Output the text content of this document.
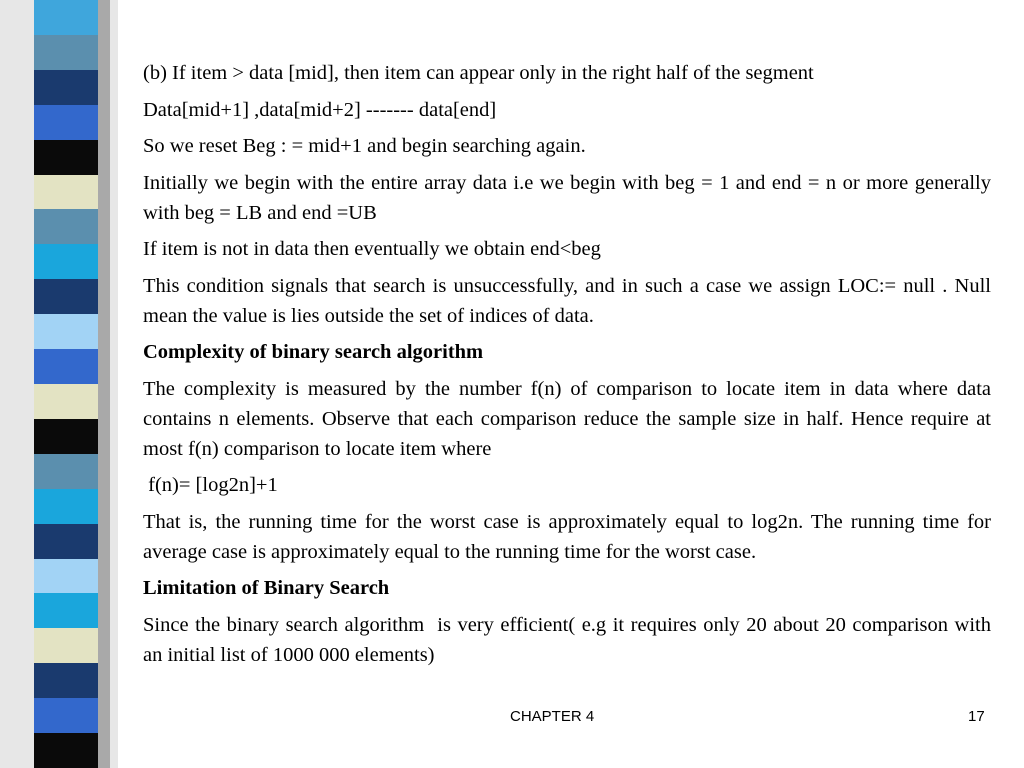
(b) If item > data [mid], then item can appear only in the right half of the segment

Data[mid+1] ,data[mid+2] ------- data[end]

So we reset Beg : = mid+1 and begin searching again.

Initially we begin with the entire array data i.e we begin with beg = 1 and end = n or more generally with beg = LB and end =UB

If item is not in data then eventually we obtain end<beg

This condition signals that search is unsuccessfully, and in such a case we assign LOC:= null . Null mean the value is lies outside the set of indices of data.

Complexity of binary search algorithm

The complexity is measured by the number f(n) of comparison to locate item in data where data contains n elements. Observe that each comparison reduce the sample size in half. Hence require at most f(n) comparison to locate item where

f(n)= [log2n]+1

That is, the running time for the worst case is approximately equal to log2n. The running time for average case is approximately equal to the running time for the worst case.

Limitation of Binary Search

Since the binary search algorithm  is very efficient( e.g it requires only 20 about 20 comparison with an initial list of 1000 000 elements)

CHAPTER 4	17
